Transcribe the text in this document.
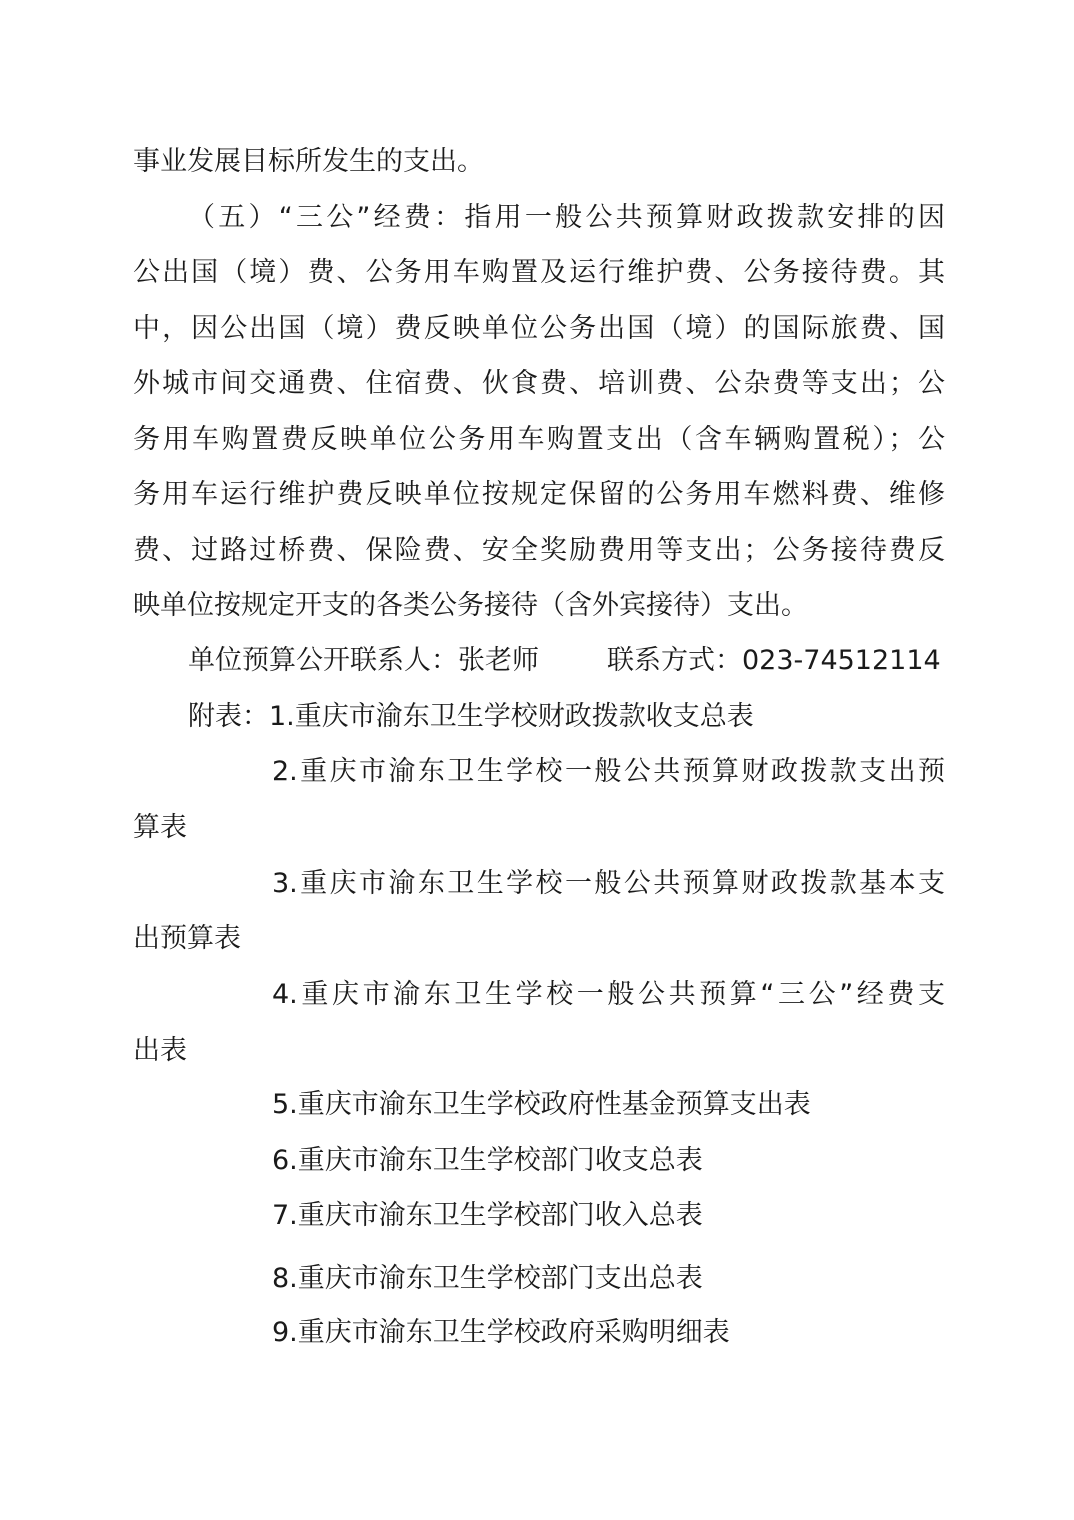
事业发展目标所发生的支出。
（五）“三公”经费：指用一般公共预算财政拨款安排的因
公出国（境）费、公务用车购置及运行维护费、公务接待费。其
中，因公出国（境）费反映单位公务出国（境）的国际旅费、国
外城市间交通费、住宿费、伙食费、培训费、公杂费等支出；公
务用车购置费反映单位公务用车购置支出（含车辆购置税）；公
务用车运行维护费反映单位按规定保留的公务用车燃料费、维修
费、过路过桥费、保险费、安全奖励费用等支出；公务接待费反
映单位按规定开支的各类公务接待（含外宾接待）支出。
单位预算公开联系人：张老师	联系方式：023-74512114
附表：1.重庆市渝东卫生学校财政拨款收支总表
2.重庆市渝东卫生学校一般公共预算财政拨款支出预
算表
3.重庆市渝东卫生学校一般公共预算财政拨款基本支
出预算表
4.重庆市渝东卫生学校一般公共预算“三公”经费支
出表
5.重庆市渝东卫生学校政府性基金预算支出表
6.重庆市渝东卫生学校部门收支总表
7.重庆市渝东卫生学校部门收入总表
8.重庆市渝东卫生学校部门支出总表
9.重庆市渝东卫生学校政府采购明细表
